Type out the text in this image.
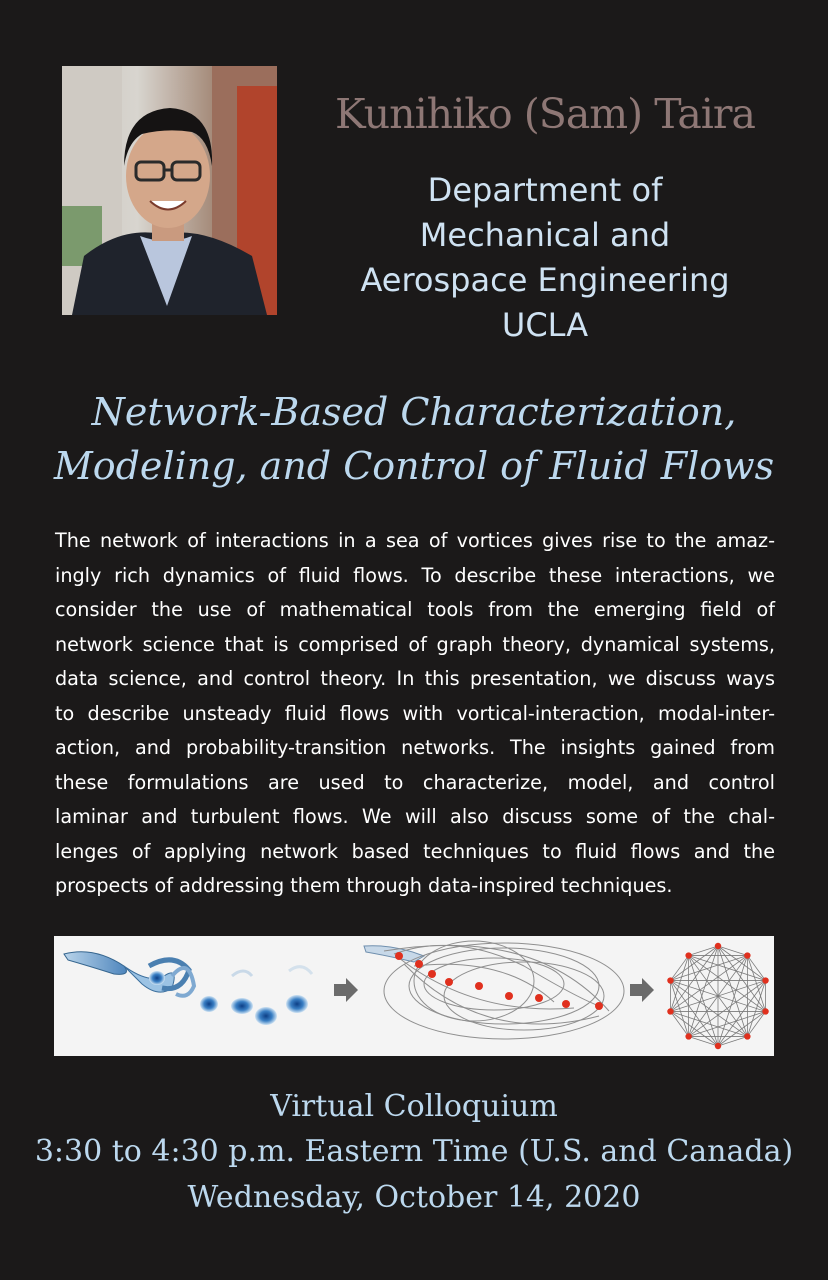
Kunihiko (Sam) Taira
Department of
Mechanical and
Aerospace Engineering
UCLA
Network-Based Characterization,
Modeling, and Control of Fluid Flows
The network of interactions in a sea of vortices gives rise to the amaz-
ingly rich dynamics of fluid flows. To describe these interactions, we
consider the use of mathematical tools from the emerging field of
network science that is comprised of graph theory, dynamical systems,
data science, and control theory. In this presentation, we discuss ways
to describe unsteady fluid flows with vortical-interaction, modal-inter-
action, and probability-transition networks. The insights gained from
these formulations are used to characterize, model, and control
laminar and turbulent flows. We will also discuss some of the chal-
lenges of applying network based techniques to fluid flows and the
prospects of addressing them through data-inspired techniques.
Virtual Colloquium
3:30 to 4:30 p.m. Eastern Time (U.S. and Canada)
Wednesday, October 14, 2020
